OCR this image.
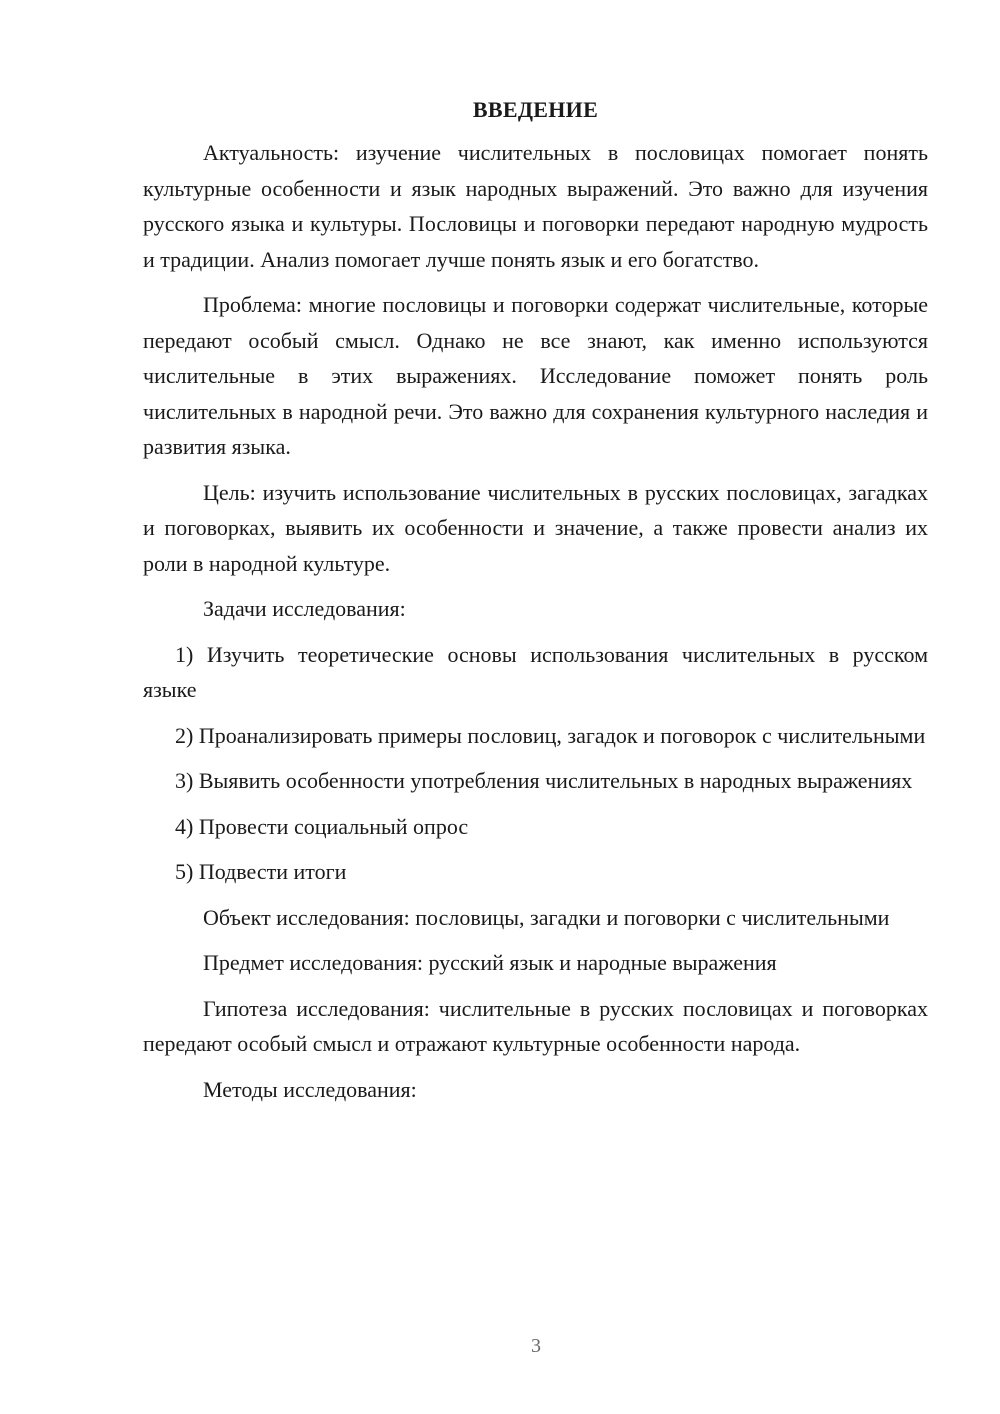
ВВЕДЕНИЕ

Актуальность: изучение числительных в пословицах помогает понять культурные особенности и язык народных выражений. Это важно для изучения русского языка и культуры. Пословицы и поговорки передают народную мудрость и традиции. Анализ помогает лучше понять язык и его богатство.

Проблема: многие пословицы и поговорки содержат числительные, которые передают особый смысл. Однако не все знают, как именно используются числительные в этих выражениях. Исследование поможет понять роль числительных в народной речи. Это важно для сохранения культурного наследия и развития языка.

Цель: изучить использование числительных в русских пословицах, загадках и поговорках, выявить их особенности и значение, а также провести анализ их роли в народной культуре.

Задачи исследования:

1) Изучить теоретические основы использования числительных в русском языке

2) Проанализировать примеры пословиц, загадок и поговорок с числительными

3) Выявить особенности употребления числительных в народных выражениях

4) Провести социальный опрос

5) Подвести итоги

Объект исследования: пословицы, загадки и поговорки с числительными

Предмет исследования: русский язык и народные выражения

Гипотеза исследования: числительные в русских пословицах и поговорках передают особый смысл и отражают культурные особенности народа.

Методы исследования:

3
